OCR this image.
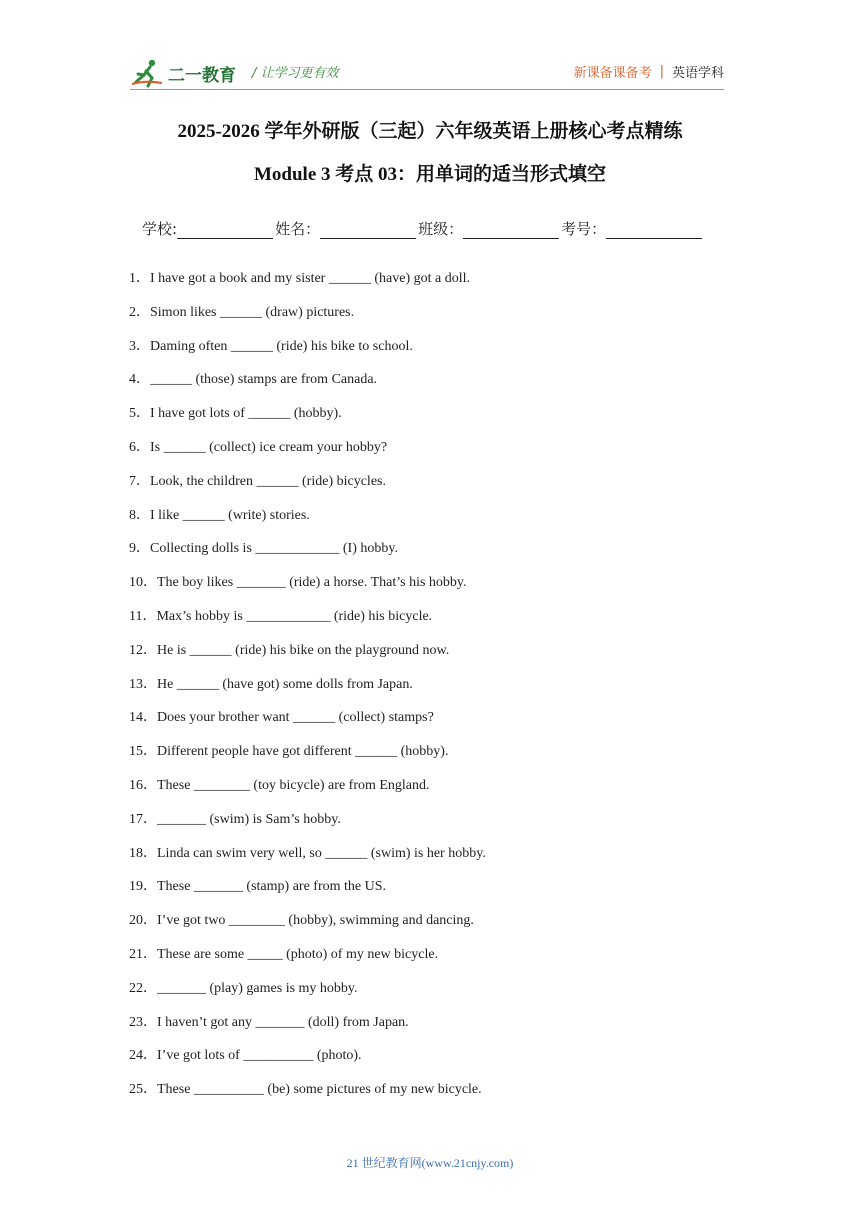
二一教育 / 让学习更有效	新课备课备考 | 英语学科
2025-2026 学年外研版（三起）六年级英语上册核心考点精练
Module 3 考点 03：用单词的适当形式填空
学校:	姓名：	班级：	考号：
1．I have got a book and my sister ______ (have) got a doll.
2．Simon likes ______ (draw) pictures.
3．Daming often ______ (ride) his bike to school.
4．______ (those) stamps are from Canada.
5．I have got lots of ______ (hobby).
6．Is ______ (collect) ice cream your hobby?
7．Look, the children ______ (ride) bicycles.
8．I like ______ (write) stories.
9．Collecting dolls is ____________ (I) hobby.
10．The boy likes _______ (ride) a horse. That’s his hobby.
11．Max’s hobby is ____________ (ride) his bicycle.
12．He is ______ (ride) his bike on the playground now.
13．He ______ (have got) some dolls from Japan.
14．Does your brother want ______ (collect) stamps?
15．Different people have got different ______ (hobby).
16．These ________ (toy bicycle) are from England.
17．_______ (swim) is Sam’s hobby.
18．Linda can swim very well, so ______ (swim) is her hobby.
19．These _______ (stamp) are from the US.
20．I’ve got two ________ (hobby), swimming and dancing.
21．These are some _____ (photo) of my new bicycle.
22．_______ (play) games is my hobby.
23．I haven’t got any _______ (doll) from Japan.
24．I’ve got lots of __________ (photo).
25．These __________ (be) some pictures of my new bicycle.
21 世纪教育网(www.21cnjy.com)
